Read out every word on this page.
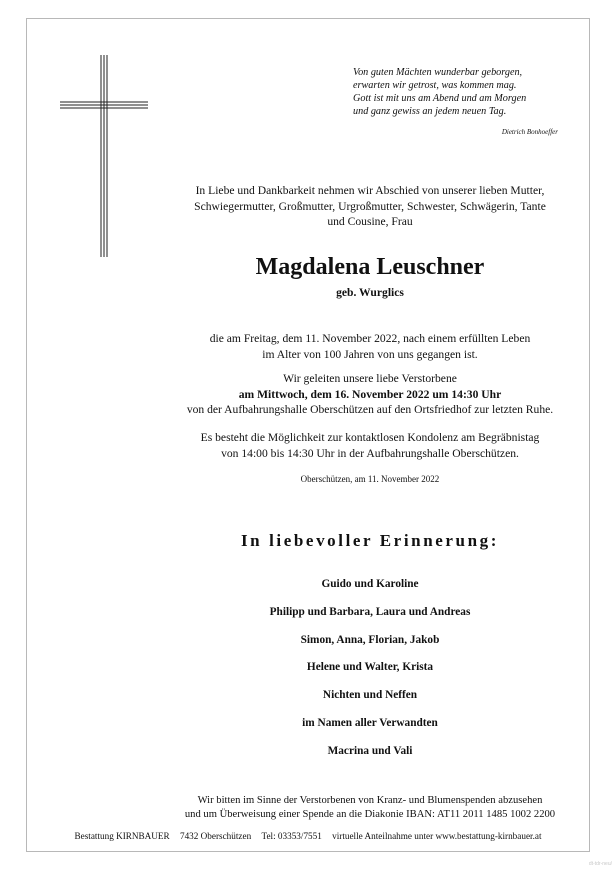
Von guten Mächten wunderbar geborgen,
erwarten wir getrost, was kommen mag.
Gott ist mit uns am Abend und am Morgen
und ganz gewiss an jedem neuen Tag.
Dietrich Bonhoeffer
In Liebe und Dankbarkeit nehmen wir Abschied von unserer lieben Mutter,
Schwiegermutter, Großmutter, Urgroßmutter, Schwester, Schwägerin, Tante
und Cousine, Frau
Magdalena Leuschner
geb. Wurglics
die am Freitag, dem 11. November 2022, nach einem erfüllten Leben
im Alter von 100 Jahren von uns gegangen ist.
Wir geleiten unsere liebe Verstorbene
am Mittwoch, dem 16. November 2022 um 14:30 Uhr
von der Aufbahrungshalle Oberschützen auf den Ortsfriedhof zur letzten Ruhe.
Es besteht die Möglichkeit zur kontaktlosen Kondolenz am Begräbnistag
von 14:00 bis 14:30 Uhr in der Aufbahrungshalle Oberschützen.
Oberschützen, am 11. November 2022
In liebevoller Erinnerung:
Guido und Karoline
Philipp und Barbara, Laura und Andreas
Simon, Anna, Florian, Jakob
Helene und Walter, Krista
Nichten und Neffen
im Namen aller Verwandten
Macrina und Vali
Wir bitten im Sinne der Verstorbenen von Kranz- und Blumenspenden abzusehen
und um Überweisung einer Spende an die Diakonie IBAN: AT11 2011 1485 1002 2200
Bestattung KIRNBAUER 7432 Oberschützen Tel: 03353/7551 virtuelle Anteilnahme unter www.bestattung-kirnbauer.at
dt-tdr-neu/
